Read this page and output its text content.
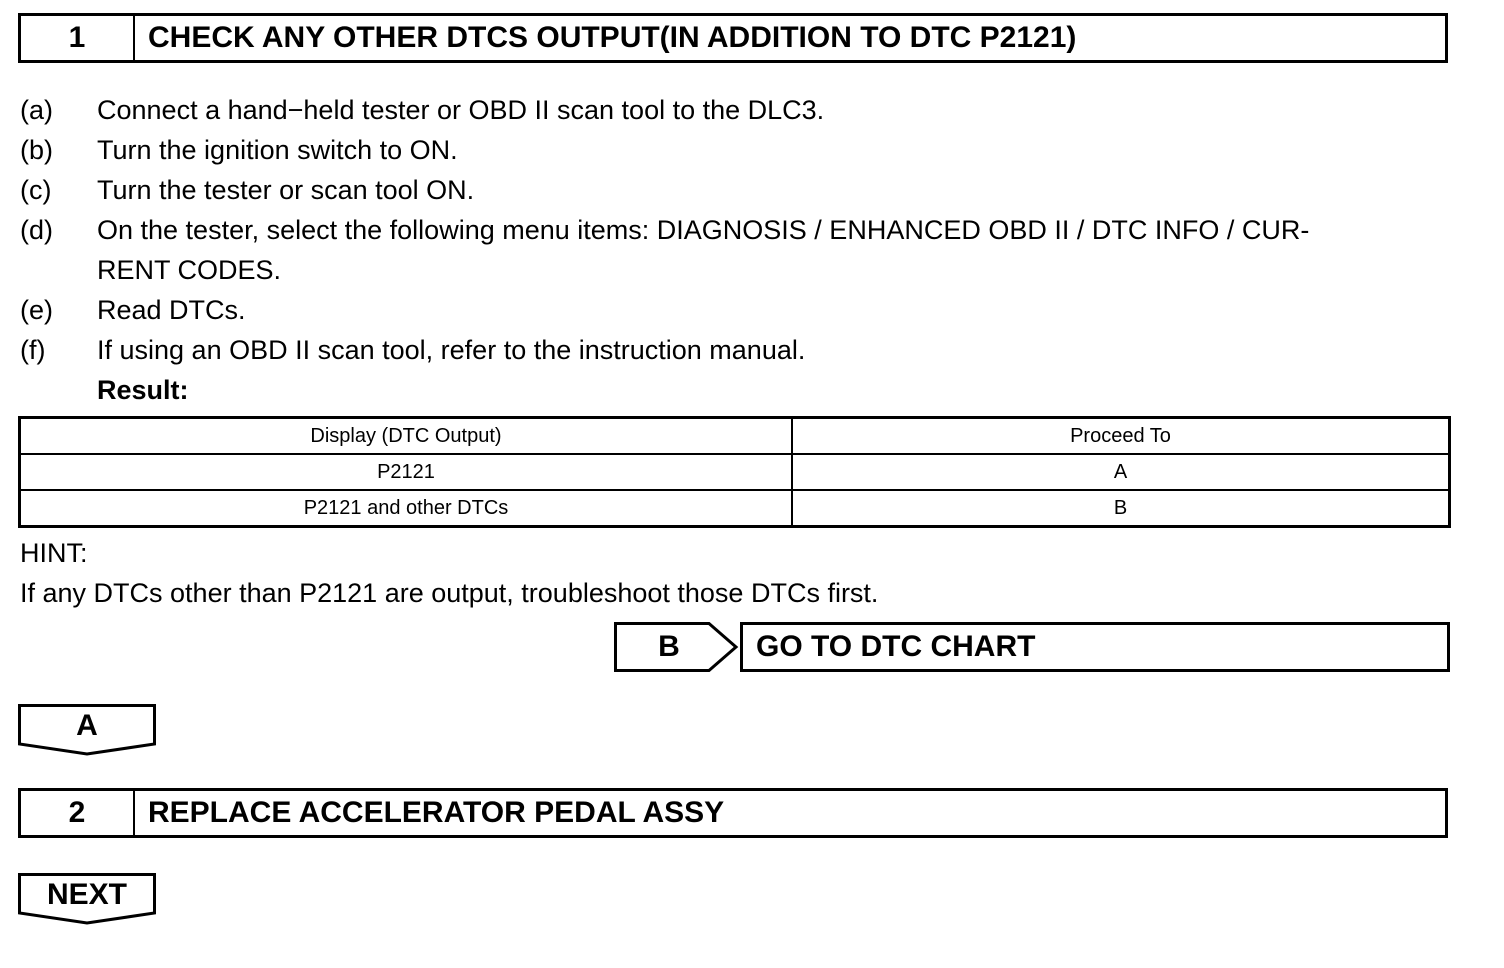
1	CHECK ANY OTHER DTCS OUTPUT(IN ADDITION TO DTC P2121)
(a) Connect a hand−held tester or OBD II scan tool to the DLC3.
(b) Turn the ignition switch to ON.
(c) Turn the tester or scan tool ON.
(d) On the tester, select the following menu items: DIAGNOSIS / ENHANCED OBD II / DTC INFO / CUR-
RENT CODES.
(e) Read DTCs.
(f) If using an OBD II scan tool, refer to the instruction manual.
Result:
Display (DTC Output)	Proceed To
P2121	A
P2121 and other DTCs	B
HINT:
If any DTCs other than P2121 are output, troubleshoot those DTCs first.
B	GO TO DTC CHART
A
2	REPLACE ACCELERATOR PEDAL ASSY
NEXT
